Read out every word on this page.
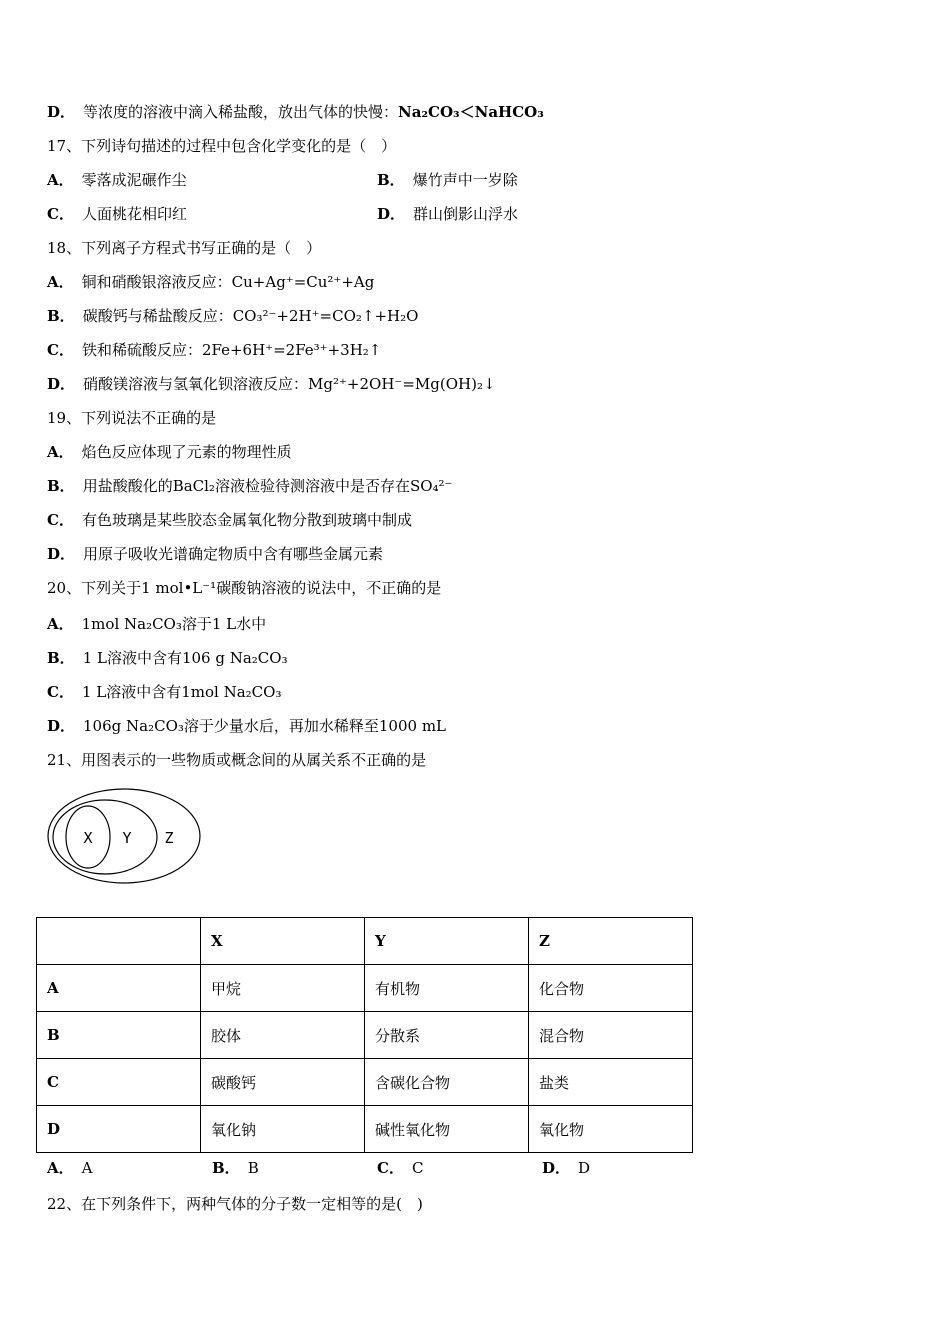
D． 等浓度的溶液中滴入稀盐酸，放出气体的快慢：Na₂CO₃＜NaHCO₃
17、下列诗句描述的过程中包含化学变化的是（　）
A． 零落成泥碾作尘	B． 爆竹声中一岁除
C． 人面桃花相印红	D． 群山倒影山浮水
18、下列离子方程式书写正确的是（　）
A． 铜和硝酸银溶液反应：Cu+Ag⁺=Cu²⁺+Ag
B． 碳酸钙与稀盐酸反应：CO₃²⁻+2H⁺=CO₂↑+H₂O
C． 铁和稀硫酸反应：2Fe+6H⁺=2Fe³⁺+3H₂↑
D． 硝酸镁溶液与氢氧化钡溶液反应：Mg²⁺+2OH⁻=Mg(OH)₂↓
19、下列说法不正确的是
A． 焰色反应体现了元素的物理性质
B． 用盐酸酸化的BaCl₂溶液检验待测溶液中是否存在SO₄²⁻
C． 有色玻璃是某些胶态金属氧化物分散到玻璃中制成
D． 用原子吸收光谱确定物质中含有哪些金属元素
20、下列关于1 mol•L⁻¹碳酸钠溶液的说法中，不正确的是
A． 1mol Na₂CO₃溶于1 L水中
B． 1 L溶液中含有106 g Na₂CO₃
C． 1 L溶液中含有1mol Na₂CO₃
D． 106g Na₂CO₃溶于少量水后，再加水稀释至1000 mL
21、用图表示的一些物质或概念间的从属关系不正确的是
X Y Z
	X	Y	Z
A	甲烷	有机物	化合物
B	胶体	分散系	混合物
C	碳酸钙	含碳化合物	盐类
D	氧化钠	碱性氧化物	氧化物
A． A	B． B	C． C	D． D
22、在下列条件下，两种气体的分子数一定相等的是(　)
